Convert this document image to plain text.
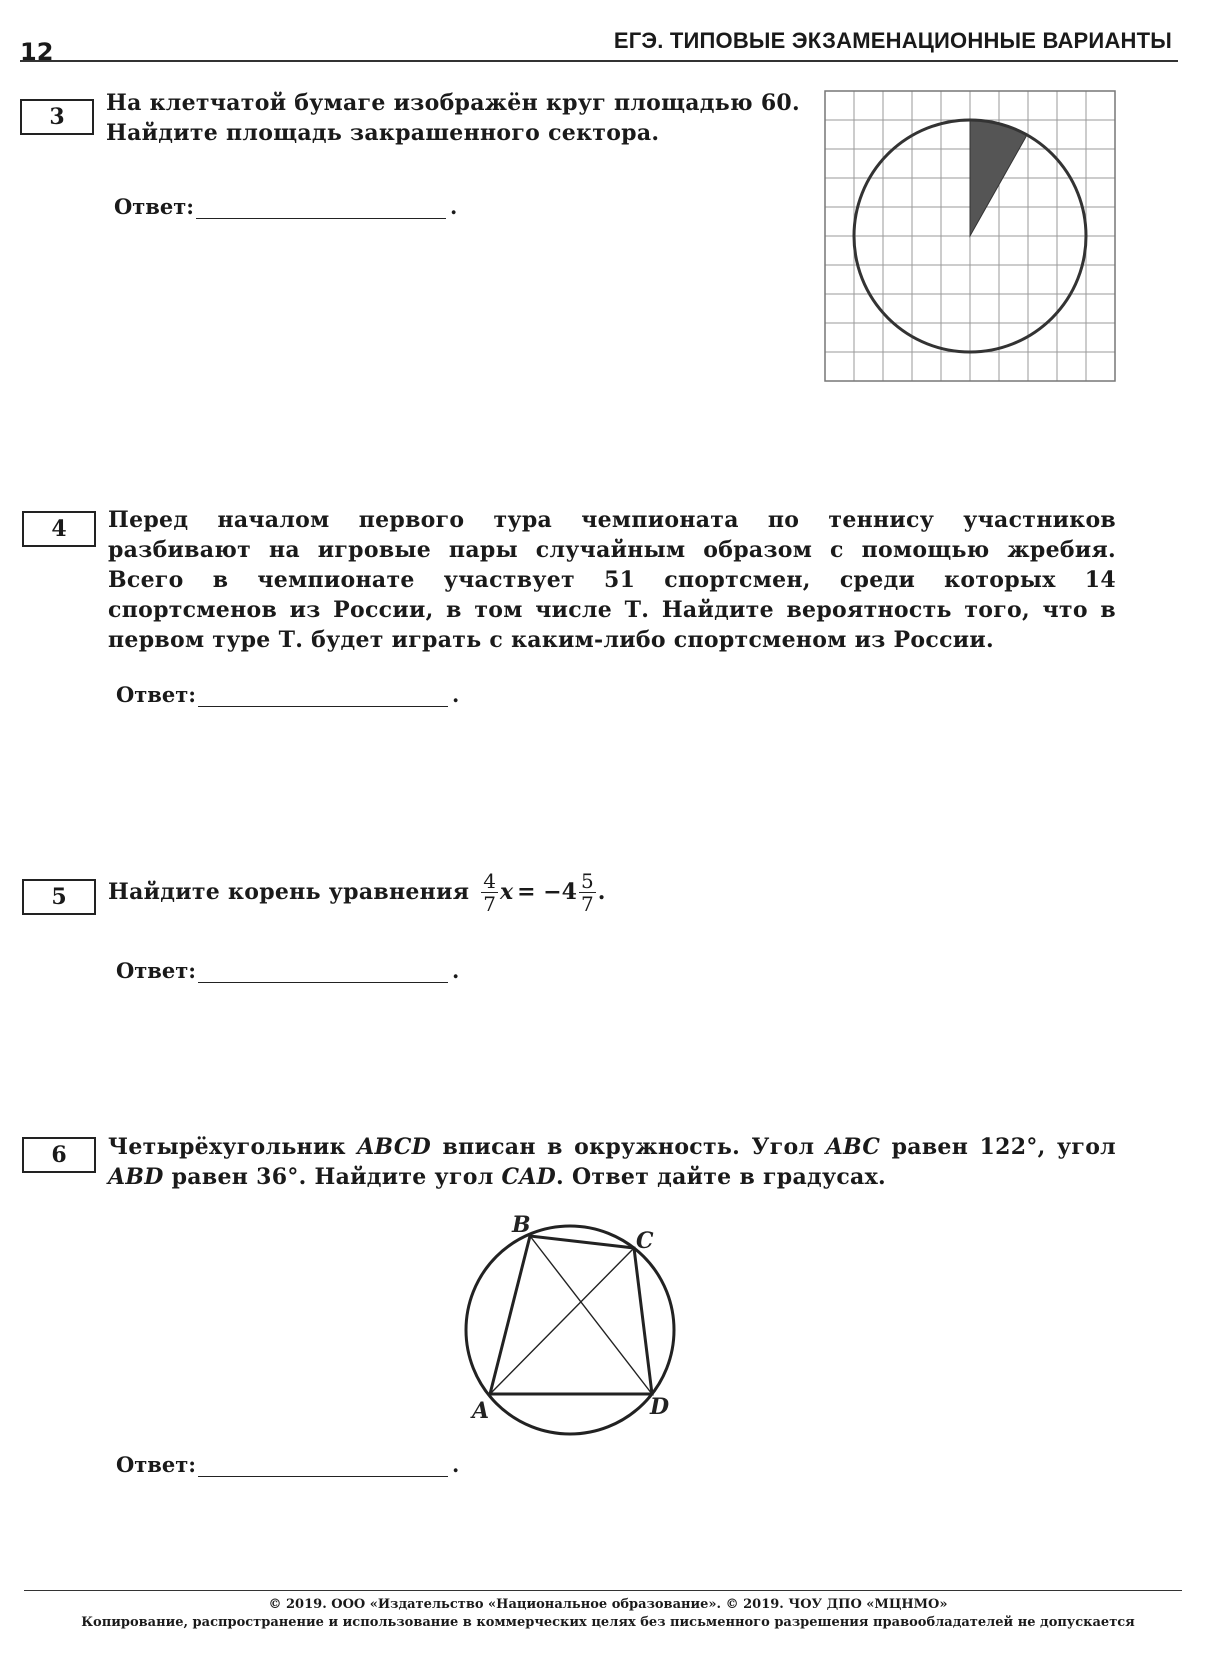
12	ЕГЭ. ТИПОВЫЕ ЭКЗАМЕНАЦИОННЫЕ ВАРИАНТЫ
3
На клетчатой бумаге изображён круг площадью 60. Найдите площадь закрашенного сектора.
Ответ:	.
4 Перед началом первого тура чемпионата по теннису участников разбивают на игровые пары случайным образом с помощью жребия. Всего в чемпионате участвует 51 спортсмен, среди которых 14 спортсменов из России, в том числе Т. Найдите вероятность того, что в первом туре Т. будет играть с каким-либо спортсменом из России.
Ответ:	.
5 Найдите корень уравнения $\frac{4}{7}$ $x = -4 \frac{5}{7}$ .
Ответ:	.
6 Четырёхугольник ABCD вписан в окружность. Угол ABC равен 122°, угол ABD равен 36°. Найдите угол CAD. Ответ дайте в градусах.
A
B
C
D
Ответ:	.
© 2019. ООО «Издательство «Национальное образование». © 2019. ЧОУ ДПО «МЦНМО»
Копирование, распространение и использование в коммерческих целях без письменного разрешения правообладателей не допускается
